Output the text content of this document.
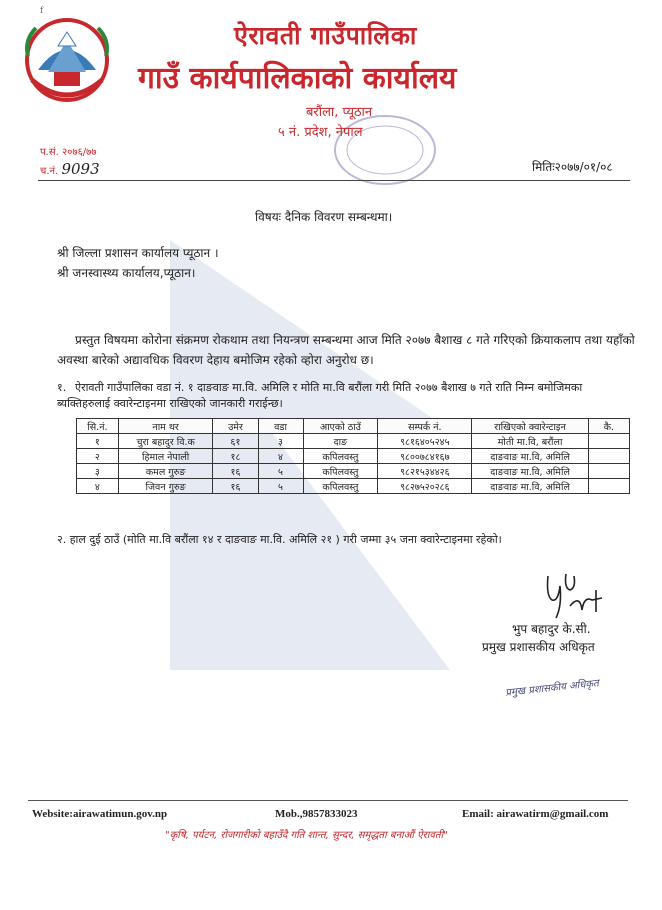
f
ऐरावती गाउँपालिका
गाउँ कार्यपालिकाको कार्यालय
बरौंला, प्यूठान
५ नं. प्रदेश, नेपाल
प.सं. २०७६/७७
च.नं. 9093	मितिः२०७७/०१/०८
विषयः दैनिक विवरण सम्बन्धमा।
श्री जिल्ला प्रशासन कार्यालय प्यूठान ।
श्री जनस्वास्थ्य कार्यालय,प्यूठान।
प्रस्तुत विषयमा कोरोना संक्रमण रोकथाम तथा नियन्त्रण सम्बन्धमा आज मिति २०७७ बैशाख ८ गते गरिएको क्रियाकलाप तथा यहाँको अवस्था बारेको अद्यावधिक विवरण देहाय बमोजिम रहेको व्होरा अनुरोध छ।
१. ऐरावती गाउँपालिका वडा नं. १ दाङवाङ मा.वि. अमिलि र मोति मा.वि बरौंला गरी मिति २०७७ बैशाख ७ गते राति निम्न बमोजिमका ब्यक्तिहरुलाई क्वारेन्टाइनमा राखिएको जानकारी गराईन्छ।
सि.नं.	नाम थर	उमेर	वडा	आएको ठाउँ	सम्पर्क नं.	राखिएको क्वारेन्टाइन	कै.
१	चुरा बहादुर वि.क	६१	३	दाङ	९८१६४०५२४५	मोती मा.वि, बरौंला	
२	हिमाल नेपाली	१८	४	कपिलवस्तु	९८००७८४१६७	दाङवाङ मा.वि, अमिलि	
३	कमल गुरुङ	१६	५	कपिलवस्तु	९८२१५३४४२६	दाङवाङ मा.वि, अमिलि	
४	जिवन गुरुङ	१६	५	कपिलवस्तु	९८२७५२०२८६	दाङवाङ मा.वि, अमिलि	
२. हाल दुई ठाउँ (मोति मा.वि बरौंला १४ र दाङवाङ मा.वि. अमिलि २१ ) गरी जम्मा ३५ जना क्वारेन्टाइनमा रहेको।
भुप बहादुर के.सी.
प्रमुख प्रशासकीय अधिकृत
प्रमुख प्रशासकीय अधिकृत
Website:airawatimun.gov.np	Mob.,9857833023	Email: airawatirm@gmail.com
"कृषि, पर्यटन, रोजगारीको बहाउँदै गति शान्त, सुन्दर, समृद्धता बनाऔं ऐरावती"
